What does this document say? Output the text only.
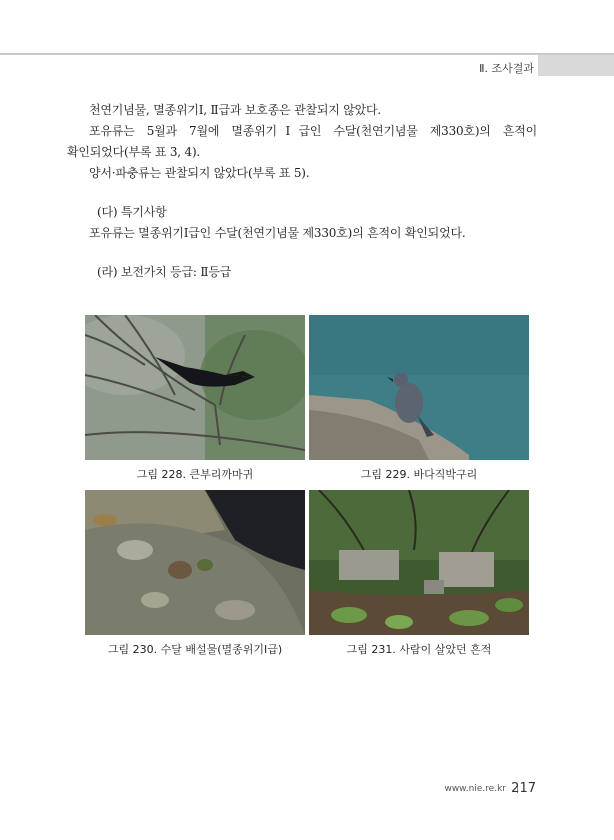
Ⅱ. 조사결과

천연기념물, 멸종위기Ⅰ, Ⅱ급과 보호종은 관찰되지 않았다.

포유류는 5월과 7월에 멸종위기Ⅰ급인 수달(천연기념물 제330호)의 흔적이

확인되었다(부록 표 3, 4).

양서·파충류는 관찰되지 않았다(부록 표 5).

(다) 특기사항

포유류는 멸종위기Ⅰ급인 수달(천연기념물 제330호)의 흔적이 확인되었다.

(라) 보전가치 등급: Ⅱ등급

그림 228. 큰부리까마귀	그림 229. 바다직박구리
그림 230. 수달 배설물(멸종위기Ⅰ급)	그림 231. 사람이 살았던 흔적
www.nie.re.kr 217
